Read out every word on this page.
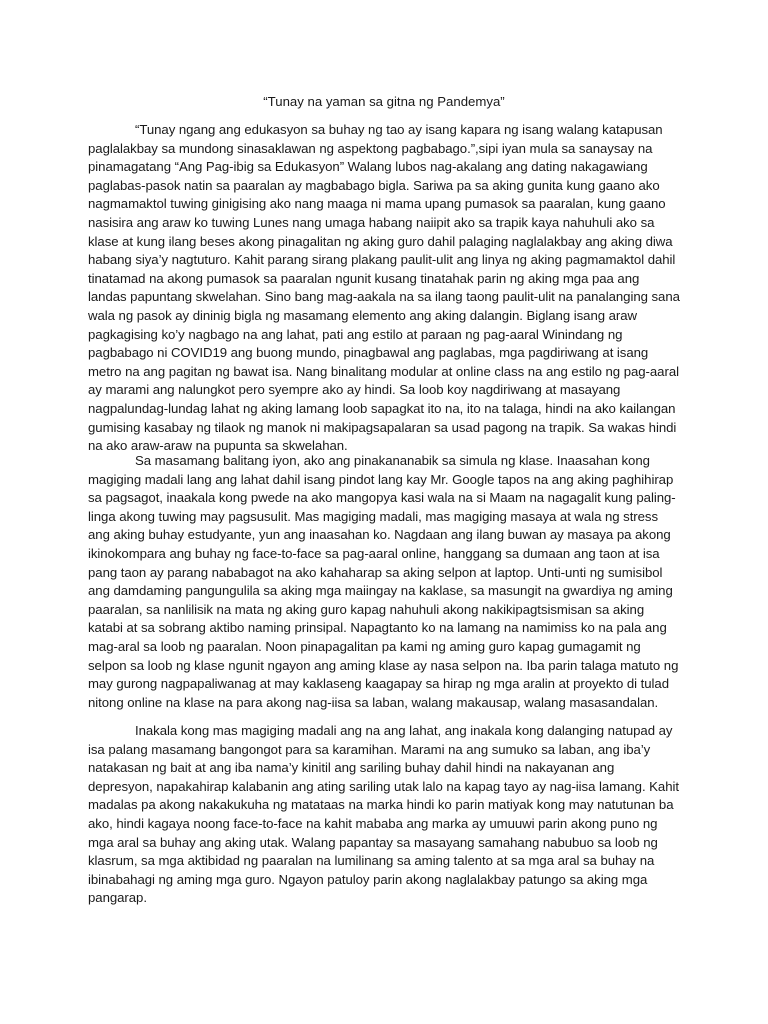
“Tunay na yaman sa gitna ng Pandemya”

“Tunay ngang ang edukasyon sa buhay ng tao ay isang kapara ng isang walang katapusan paglalakbay sa mundong sinasaklawan ng aspektong pagbabago.”,sipi iyan mula sa sanaysay na pinamagatang “Ang Pag-ibig sa Edukasyon” Walang lubos nag-akalang ang dating nakagawiang paglabas-pasok natin sa paaralan ay magbabago bigla. Sariwa pa sa aking gunita kung gaano ako nagmamaktol tuwing ginigising ako nang maaga ni mama upang pumasok sa paaralan, kung gaano nasisira ang araw ko tuwing Lunes nang umaga habang naiipit ako sa trapik kaya nahuhuli ako sa klase at kung ilang beses akong pinagalitan ng aking guro dahil palaging naglalakbay ang aking diwa habang siya’y nagtuturo. Kahit parang sirang plakang paulit-ulit ang linya ng aking pagmamaktol dahil tinatamad na akong pumasok sa paaralan ngunit kusang tinatahak parin ng aking mga paa ang landas papuntang skwelahan. Sino bang mag-aakala na sa ilang taong paulit-ulit na panalanging sana wala ng pasok ay dininig bigla ng masamang elemento ang aking dalangin. Biglang isang araw pagkagising ko’y nagbago na ang lahat, pati ang estilo at paraan ng pag-aaral Winindang ng pagbabago ni COVID19 ang buong mundo, pinagbawal ang paglabas, mga pagdiriwang at isang metro na ang pagitan ng bawat isa. Nang binalitang modular at online class na ang estilo ng pag-aaral ay marami ang nalungkot pero syempre ako ay hindi. Sa loob koy nagdiriwang at masayang nagpalundag-lundag lahat ng aking lamang loob sapagkat ito na, ito na talaga, hindi na ako kailangan gumising kasabay ng tilaok ng manok ni makipagsapalaran sa usad pagong na trapik. Sa wakas hindi na ako araw-araw na pupunta sa skwelahan.

Sa masamang balitang iyon, ako ang pinakananabik sa simula ng klase. Inaasahan kong magiging madali lang ang lahat dahil isang pindot lang kay Mr. Google tapos na ang aking paghihirap sa pagsagot, inaakala kong pwede na ako mangopya kasi wala na si Maam na nagagalit kung paling-linga akong tuwing may pagsusulit. Mas magiging madali, mas magiging masaya at wala ng stress ang aking buhay estudyante, yun ang inaasahan ko. Nagdaan ang ilang buwan ay masaya pa akong ikinokompara ang buhay ng face-to-face sa pag-aaral online, hanggang sa dumaan ang taon at isa pang taon ay parang nababagot na ako kahaharap sa aking selpon at laptop. Unti-unti ng sumisibol ang damdaming pangungulila sa aking mga maiingay na kaklase, sa masungit na gwardiya ng aming paaralan, sa nanlilisik na mata ng aking guro kapag nahuhuli akong nakikipagtsismisan sa aking katabi at sa sobrang aktibo naming prinsipal. Napagtanto ko na lamang na namimiss ko na pala ang mag-aral sa loob ng paaralan. Noon pinapagalitan pa kami ng aming guro kapag gumagamit ng selpon sa loob ng klase ngunit ngayon ang aming klase ay nasa selpon na. Iba parin talaga matuto ng may gurong nagpapaliwanag at may kaklaseng kaagapay sa hirap ng mga aralin at proyekto di tulad nitong online na klase na para akong nag-iisa sa laban, walang makausap, walang masasandalan.

Inakala kong mas magiging madali ang na ang lahat, ang inakala kong dalanging natupad ay isa palang masamang bangongot para sa karamihan. Marami na ang sumuko sa laban, ang iba’y natakasan ng bait at ang iba nama’y kinitil ang sariling buhay dahil hindi na nakayanan ang depresyon, napakahirap kalabanin ang ating sariling utak lalo na kapag tayo ay nag-iisa lamang. Kahit madalas pa akong nakakukuha ng matataas na marka hindi ko parin matiyak kong may natutunan ba ako, hindi kagaya noong face-to-face na kahit mababa ang marka ay umuuwi parin akong puno ng mga aral sa buhay ang aking utak. Walang papantay sa masayang samahang nabubuo sa loob ng klasrum, sa mga aktibidad ng paaralan na lumilinang sa aming talento at sa mga aral sa buhay na ibinabahagi ng aming mga guro. Ngayon patuloy parin akong naglalakbay patungo sa aking mga pangarap.
